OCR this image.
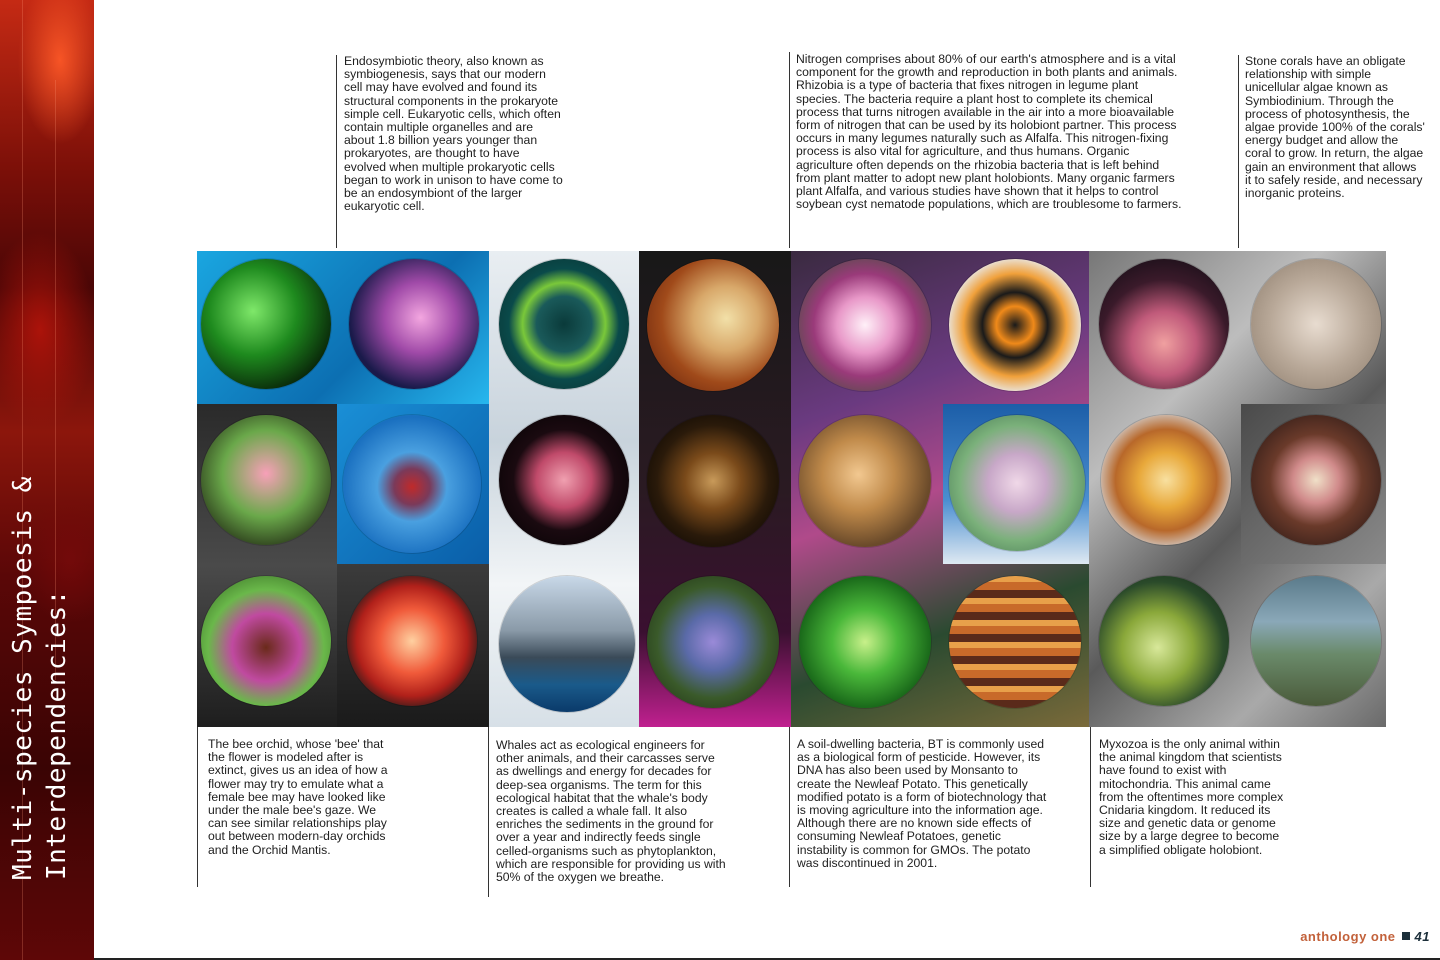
Multi-species Sympoesis & Interdependencies:
Endosymbiotic theory, also known as symbiogenesis, says that our modern cell may have evolved and found its structural components in the prokaryote simple cell. Eukaryotic cells, which often contain multiple organelles and are about 1.8 billion years younger than prokaryotes, are thought to have evolved when multiple prokaryotic cells began to work in unison to have come to be an endosymbiont of the larger eukaryotic cell.
Nitrogen comprises about 80% of our earth's atmosphere and is a vital component for the growth and reproduction in both plants and animals. Rhizobia is a type of bacteria that fixes nitrogen in legume plant species. The bacteria require a plant host to complete its chemical process that turns nitrogen available in the air into a more bioavailable form of nitrogen that can be used by its holobiont partner. This process occurs in many legumes naturally such as Alfalfa. This nitrogen-fixing process is also vital for agriculture, and thus humans. Organic agriculture often depends on the rhizobia bacteria that is left behind from plant matter to adopt new plant holobionts. Many organic farmers plant Alfalfa, and various studies have shown that it helps to control soybean cyst nematode populations, which are troublesome to farmers.
Stone corals have an obligate relationship with simple unicellular algae known as Symbiodinium. Through the process of photosynthesis, the algae provide 100% of the corals' energy budget and allow the coral to grow. In return, the algae gain an environment that allows it to safely reside, and necessary inorganic proteins.
The bee orchid, whose 'bee' that the flower is modeled after is extinct, gives us an idea of how a flower may try to emulate what a female bee may have looked like under the male bee's gaze. We can see similar relationships play out between modern-day orchids and the Orchid Mantis.
Whales act as ecological engineers for other animals, and their carcasses serve as dwellings and energy for decades for deep-sea organisms. The term for this ecological habitat that the whale's body creates is called a whale fall. It also enriches the sediments in the ground for over a year and indirectly feeds single celled-organisms such as phytoplankton, which are responsible for providing us with 50% of the oxygen we breathe.
A soil-dwelling bacteria, BT is commonly used as a biological form of pesticide. However, its DNA has also been used by Monsanto to create the Newleaf Potato. This genetically modified potato is a form of biotechnology that is moving agriculture into the information age. Although there are no known side effects of consuming Newleaf Potatoes, genetic instability is common for GMOs. The potato was discontinued in 2001.
Myxozoa is the only animal within the animal kingdom that scientists have found to exist with mitochondria. This animal came from the oftentimes more complex Cnidaria kingdom. It reduced its size and genetic data or genome size by a large degree to become a simplified obligate holobiont.
anthology one 41
